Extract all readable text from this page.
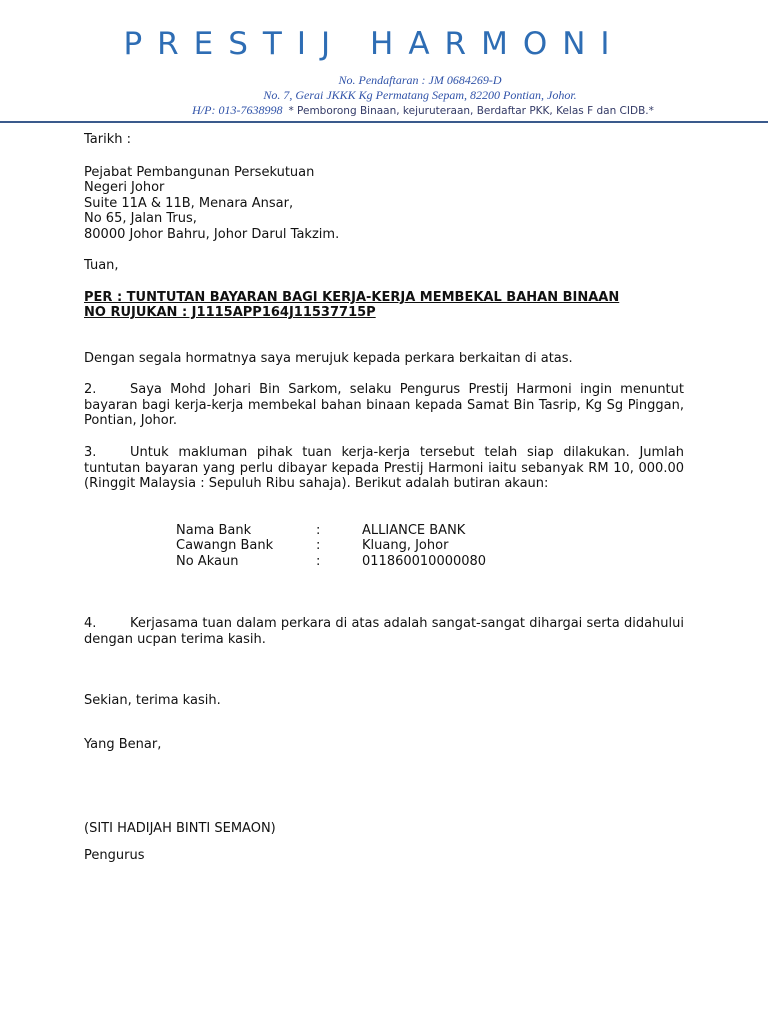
PRESTIJ HARMONI
No. Pendaftaran : JM 0684269-D
No. 7, Gerai JKKK Kg Permatang Sepam, 82200 Pontian, Johor.
H/P: 013-7638998 * Pemborong Binaan, kejuruteraan, Berdaftar PKK, Kelas F dan CIDB.*
Tarikh :
Pejabat Pembangunan Persekutuan
Negeri Johor
Suite 11A & 11B, Menara Ansar,
No 65, Jalan Trus,
80000 Johor Bahru, Johor Darul Takzim.
Tuan,
PER : TUNTUTAN BAYARAN BAGI KERJA-KERJA MEMBEKAL BAHAN BINAAN
NO RUJUKAN : J1115APP164J11537715P
Dengan segala hormatnya saya merujuk kepada perkara berkaitan di atas.
2.	Saya Mohd Johari Bin Sarkom, selaku Pengurus Prestij Harmoni ingin menuntut bayaran bagi kerja-kerja membekal bahan binaan kepada Samat Bin Tasrip, Kg Sg Pinggan, Pontian, Johor.
3.	Untuk makluman pihak tuan kerja-kerja tersebut telah siap dilakukan. Jumlah tuntutan bayaran yang perlu dibayar kepada Prestij Harmoni iaitu sebanyak RM 10, 000.00 (Ringgit Malaysia : Sepuluh Ribu sahaja). Berikut adalah butiran akaun:
Nama Bank	:	ALLIANCE BANK
Cawangn Bank	:	Kluang, Johor
No Akaun	:	011860010000080
4.	Kerjasama tuan dalam perkara di atas adalah sangat-sangat dihargai serta didahului dengan ucpan terima kasih.
Sekian, terima kasih.
Yang Benar,
(SITI HADIJAH BINTI SEMAON)
Pengurus
